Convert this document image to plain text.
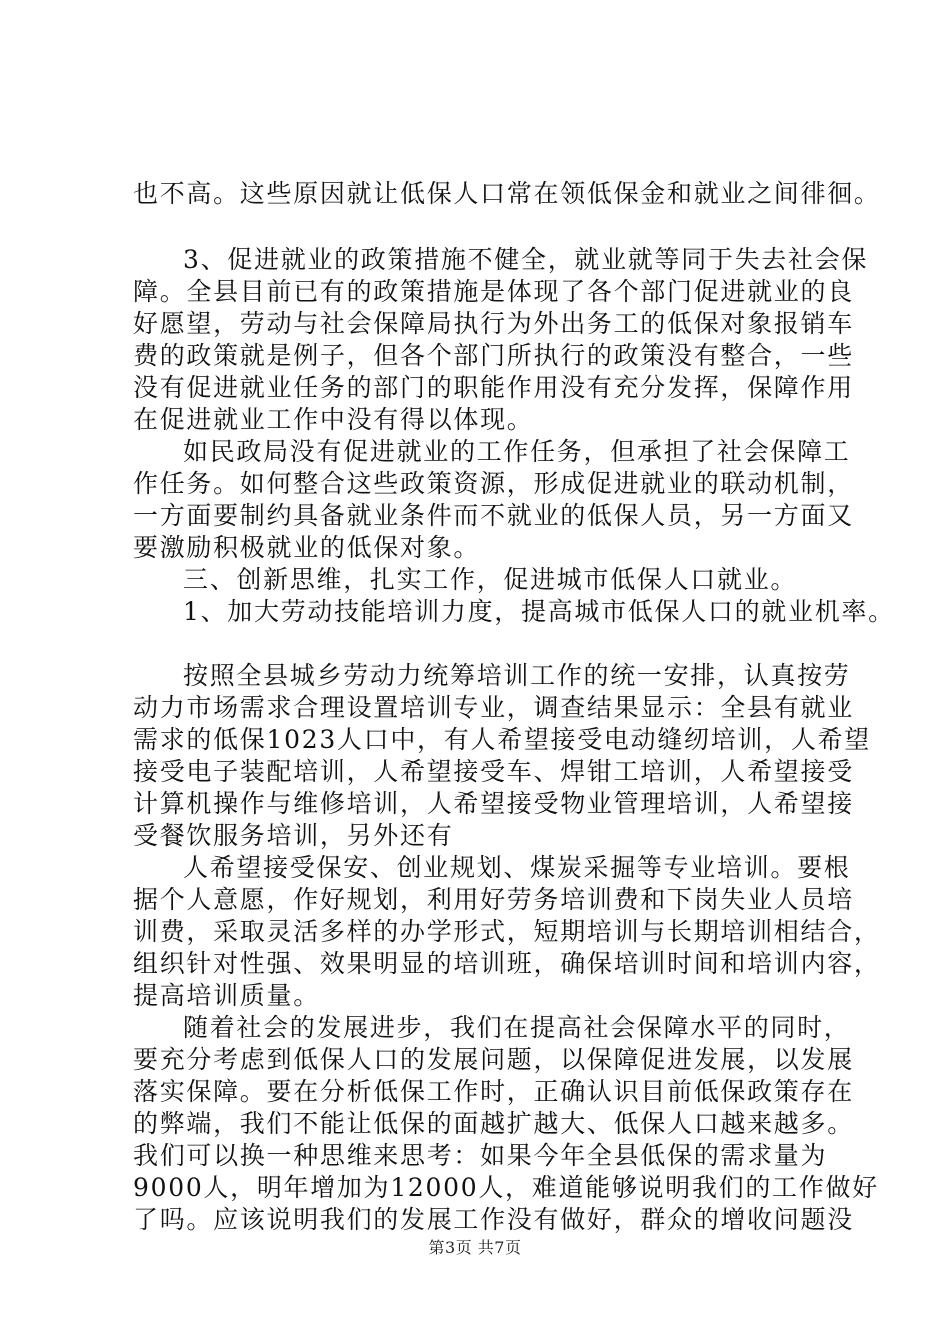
也不高。这些原因就让低保人口常在领低保金和就业之间徘徊。
3、促进就业的政策措施不健全，就业就等同于失去社会保
障。全县目前已有的政策措施是体现了各个部门促进就业的良
好愿望，劳动与社会保障局执行为外出务工的低保对象报销车
费的政策就是例子，但各个部门所执行的政策没有整合，一些
没有促进就业任务的部门的职能作用没有充分发挥，保障作用
在促进就业工作中没有得以体现。
如民政局没有促进就业的工作任务，但承担了社会保障工
作任务。如何整合这些政策资源，形成促进就业的联动机制，
一方面要制约具备就业条件而不就业的低保人员，另一方面又
要激励积极就业的低保对象。
三、创新思维，扎实工作，促进城市低保人口就业。
1、加大劳动技能培训力度，提高城市低保人口的就业机率。
按照全县城乡劳动力统筹培训工作的统一安排，认真按劳
动力市场需求合理设置培训专业，调查结果显示：全县有就业
需求的低保1023人口中，有人希望接受电动缝纫培训，人希望
接受电子装配培训，人希望接受车、焊钳工培训，人希望接受
计算机操作与维修培训，人希望接受物业管理培训，人希望接
受餐饮服务培训，另外还有
人希望接受保安、创业规划、煤炭采掘等专业培训。要根
据个人意愿，作好规划，利用好劳务培训费和下岗失业人员培
训费，采取灵活多样的办学形式，短期培训与长期培训相结合，
组织针对性强、效果明显的培训班，确保培训时间和培训内容，
提高培训质量。
随着社会的发展进步，我们在提高社会保障水平的同时，
要充分考虑到低保人口的发展问题，以保障促进发展，以发展
落实保障。要在分析低保工作时，正确认识目前低保政策存在
的弊端，我们不能让低保的面越扩越大、低保人口越来越多。
我们可以换一种思维来思考：如果今年全县低保的需求量为
9000人，明年增加为12000人，难道能够说明我们的工作做好
了吗。应该说明我们的发展工作没有做好，群众的增收问题没
第3页 共7页
